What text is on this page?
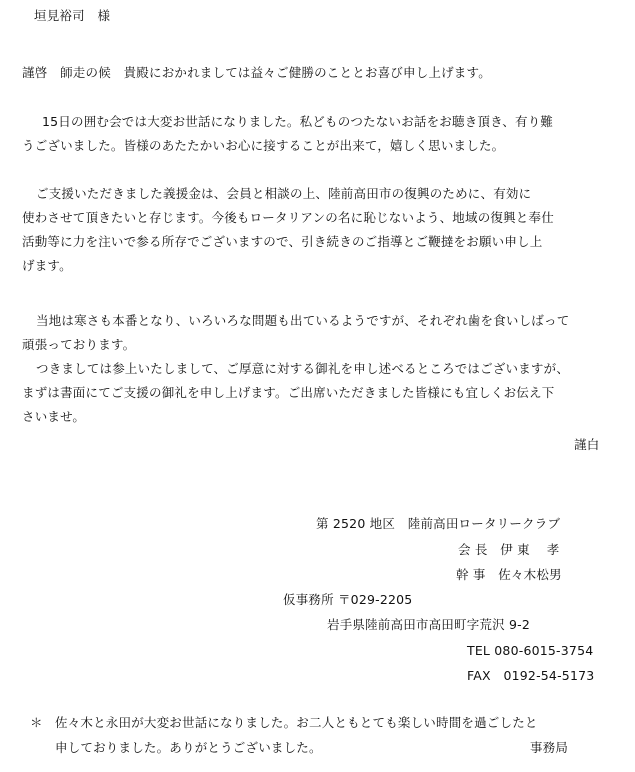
垣見裕司　様
謹啓　師走の候　貴殿におかれましては益々ご健勝のこととお喜び申し上げます。
15日の囲む会では大変お世話になりました。私どものつたないお話をお聴き頂き、有り難
うございました。皆様のあたたかいお心に接することが出来て，嬉しく思いました。
ご支援いただきました義援金は、会員と相談の上、陸前高田市の復興のために、有効に
使わさせて頂きたいと存じます。今後もロータリアンの名に恥じないよう、地域の復興と奉仕
活動等に力を注いで参る所存でございますので、引き続きのご指導とご鞭撻をお願い申し上
げます。
当地は寒さも本番となり、いろいろな問題も出ているようですが、それぞれ歯を食いしばって
頑張っております。
つきましては参上いたしまして、ご厚意に対する御礼を申し述べるところではございますが、
まずは書面にてご支援の御礼を申し上げます。ご出席いただきました皆様にも宜しくお伝え下
さいませ。
謹白
第 2520 地区　陸前高田ロータリークラブ
会 長　伊 東　 孝
幹 事　佐々木松男
仮事務所 〒029-2205
岩手県陸前高田市高田町字荒沢 9-2
TEL 080-6015-3754
FAX　0192-54-5173
＊ 佐々木と永田が大変お世話になりました。お二人ともとても楽しい時間を過ごしたと
申しておりました。ありがとうございました。	事務局
